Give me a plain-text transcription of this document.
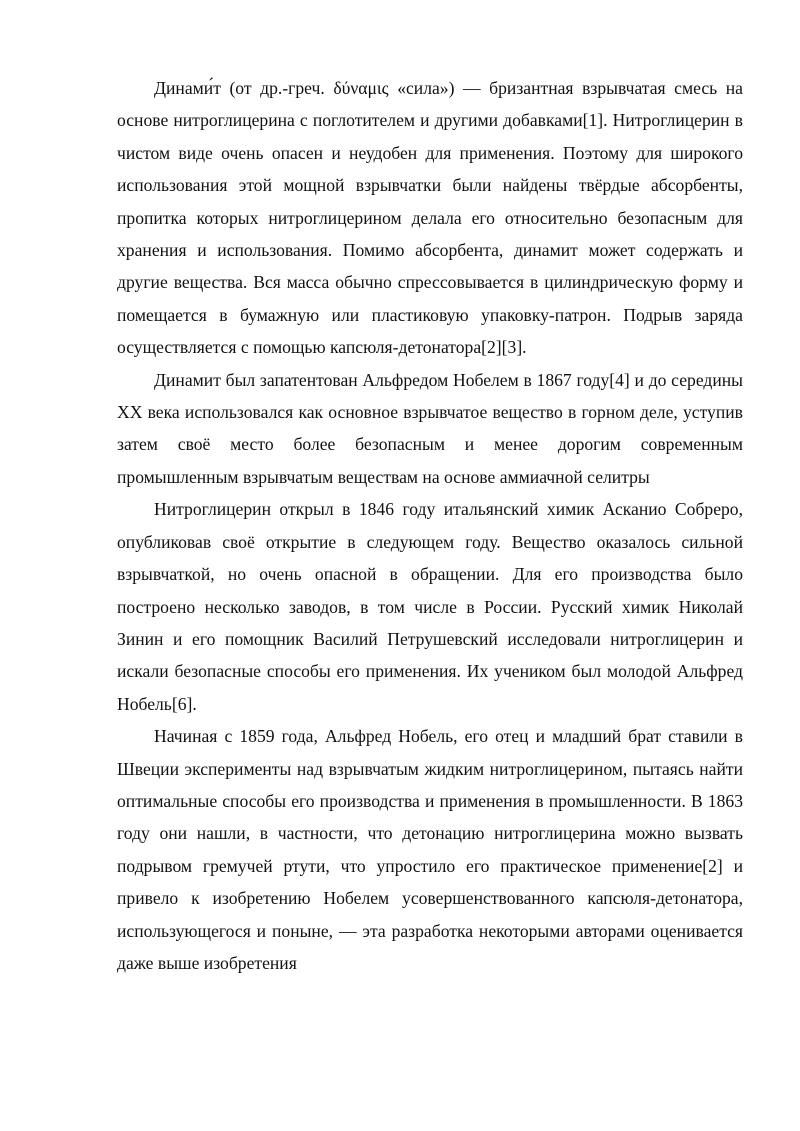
Динами́т (от др.-греч. δύναμις «сила») — бризантная взрывчатая смесь на основе нитроглицерина с поглотителем и другими добавками[1]. Нитроглицерин в чистом виде очень опасен и неудобен для применения. Поэтому для широкого использования этой мощной взрывчатки были найдены твёрдые абсорбенты, пропитка которых нитроглицерином делала его относительно безопасным для хранения и использования. Помимо абсорбента, динамит может содержать и другие вещества. Вся масса обычно спрессовывается в цилиндрическую форму и помещается в бумажную или пластиковую упаковку-патрон. Подрыв заряда осуществляется с помощью капсюля-детонатора[2][3].

Динамит был запатентован Альфредом Нобелем в 1867 году[4] и до середины XX века использовался как основное взрывчатое вещество в горном деле, уступив затем своё место более безопасным и менее дорогим современным промышленным взрывчатым веществам на основе аммиачной селитры

Нитроглицерин открыл в 1846 году итальянский химик Асканио Собреро, опубликовав своё открытие в следующем году. Вещество оказалось сильной взрывчаткой, но очень опасной в обращении. Для его производства было построено несколько заводов, в том числе в России. Русский химик Николай Зинин и его помощник Василий Петрушевский исследовали нитроглицерин и искали безопасные способы его применения. Их учеником был молодой Альфред Нобель[6].

Начиная с 1859 года, Альфред Нобель, его отец и младший брат ставили в Швеции эксперименты над взрывчатым жидким нитроглицерином, пытаясь найти оптимальные способы его производства и применения в промышленности. В 1863 году они нашли, в частности, что детонацию нитроглицерина можно вызвать подрывом гремучей ртути, что упростило его практическое применение[2] и привело к изобретению Нобелем усовершенствованного капсюля-детонатора, использующегося и поныне, — эта разработка некоторыми авторами оценивается даже выше изобретения
